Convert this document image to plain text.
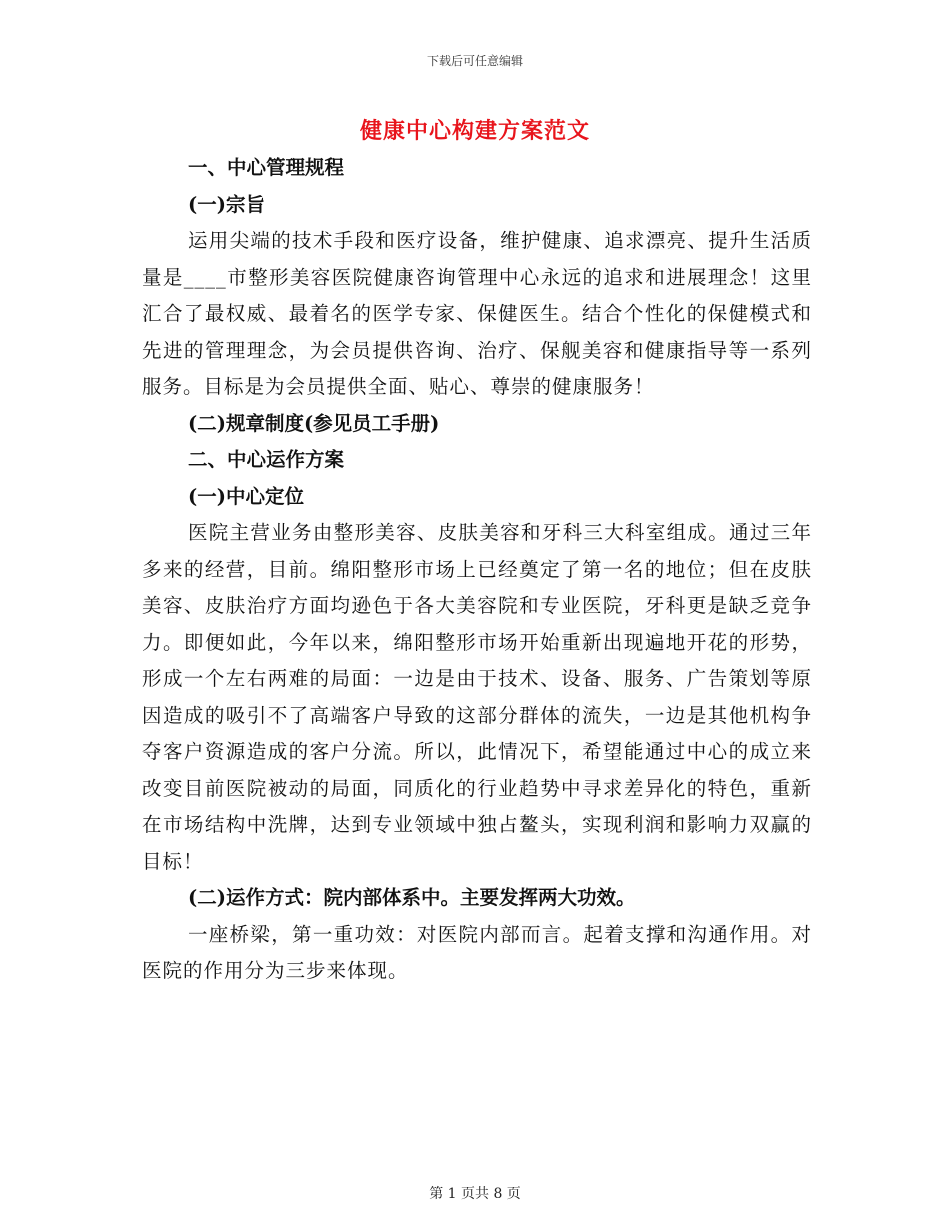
下载后可任意编辑
健康中心构建方案范文
一、中心管理规程
(一)宗旨
运用尖端的技术手段和医疗设备，维护健康、追求漂亮、提升生活质量是____市整形美容医院健康咨询管理中心永远的追求和进展理念！这里汇合了最权威、最着名的医学专家、保健医生。结合个性化的保健模式和先进的管理理念，为会员提供咨询、治疗、保舰美容和健康指导等一系列服务。目标是为会员提供全面、贴心、尊崇的健康服务！
(二)规章制度(参见员工手册)
二、中心运作方案
(一)中心定位
医院主营业务由整形美容、皮肤美容和牙科三大科室组成。通过三年多来的经营，目前。绵阳整形市场上已经奠定了第一名的地位；但在皮肤美容、皮肤治疗方面均逊色于各大美容院和专业医院，牙科更是缺乏竞争力。即便如此，今年以来，绵阳整形市场开始重新出现遍地开花的形势，形成一个左右两难的局面：一边是由于技术、设备、服务、广告策划等原因造成的吸引不了高端客户导致的这部分群体的流失，一边是其他机构争夺客户资源造成的客户分流。所以，此情况下，希望能通过中心的成立来改变目前医院被动的局面，同质化的行业趋势中寻求差异化的特色，重新在市场结构中洗牌，达到专业领域中独占鳌头，实现利润和影响力双赢的目标！
(二)运作方式：院内部体系中。主要发挥两大功效。
一座桥梁，第一重功效：对医院内部而言。起着支撑和沟通作用。对医院的作用分为三步来体现。
第 1 页共 8 页
